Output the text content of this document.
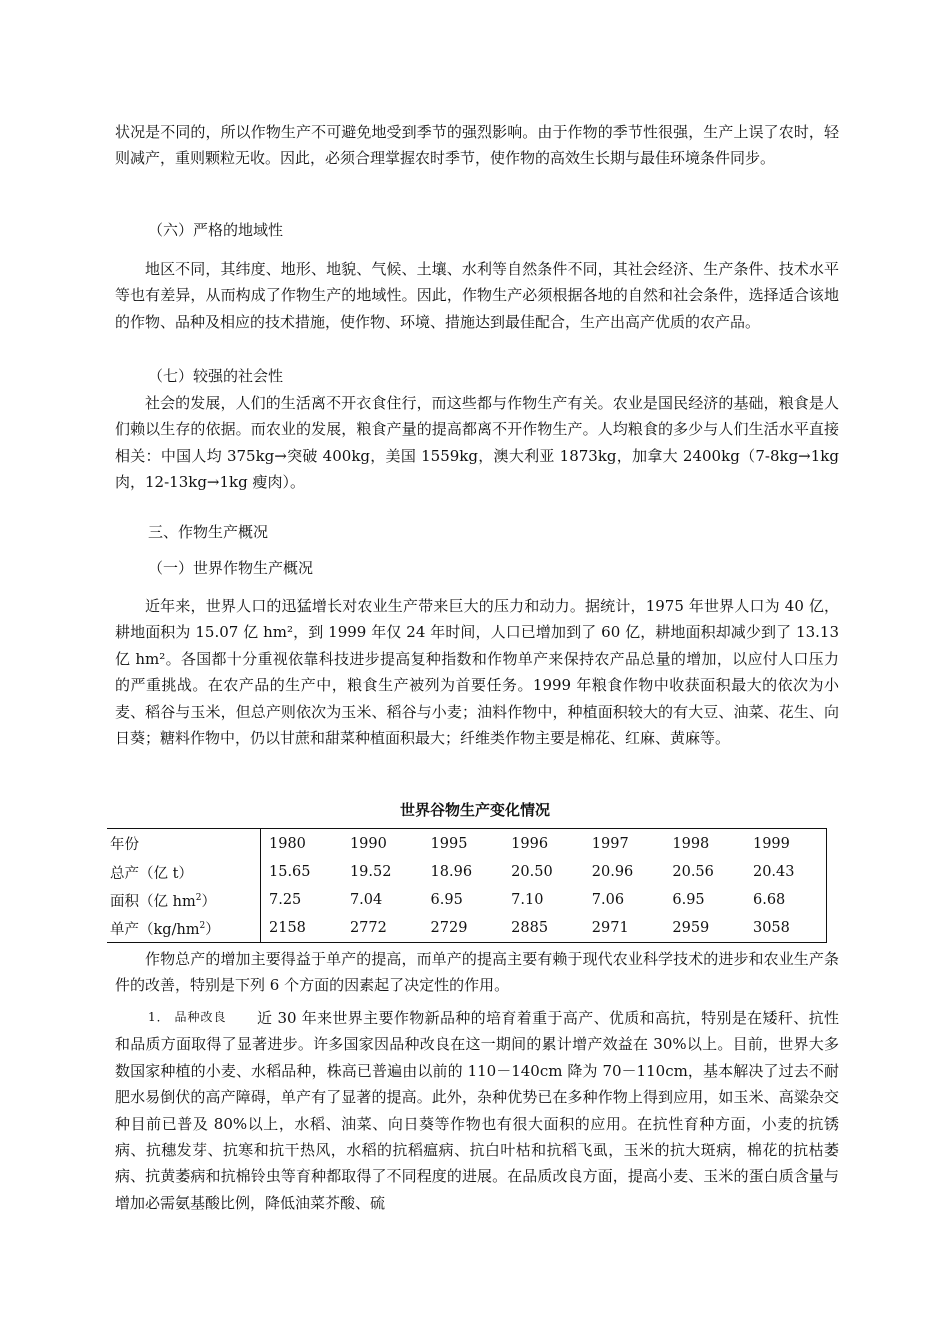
状况是不同的，所以作物生产不可避免地受到季节的强烈影响。由于作物的季节性很强，生产上误了农时，轻则减产，重则颗粒无收。因此，必须合理掌握农时季节，使作物的高效生长期与最佳环境条件同步。

（六）严格的地域性

地区不同，其纬度、地形、地貌、气候、土壤、水利等自然条件不同，其社会经济、生产条件、技术水平等也有差异，从而构成了作物生产的地域性。因此，作物生产必须根据各地的自然和社会条件，选择适合该地的作物、品种及相应的技术措施，使作物、环境、措施达到最佳配合，生产出高产优质的农产品。

（七）较强的社会性

社会的发展，人们的生活离不开衣食住行，而这些都与作物生产有关。农业是国民经济的基础，粮食是人们赖以生存的依据。而农业的发展，粮食产量的提高都离不开作物生产。人均粮食的多少与人们生活水平直接相关：中国人均 375kg→突破 400kg，美国 1559kg，澳大利亚 1873kg，加拿大 2400kg（7-8kg→1kg 肉，12-13kg→1kg 瘦肉）。

三、作物生产概况

（一）世界作物生产概况

近年来，世界人口的迅猛增长对农业生产带来巨大的压力和动力。据统计，1975 年世界人口为 40 亿，耕地面积为 15.07 亿 hm²，到 1999 年仅 24 年时间，人口已增加到了 60 亿，耕地面积却减少到了 13.13 亿 hm²。各国都十分重视依靠科技进步提高复种指数和作物单产来保持农产品总量的增加，以应付人口压力的严重挑战。在农产品的生产中，粮食生产被列为首要任务。1999 年粮食作物中收获面积最大的依次为小麦、稻谷与玉米，但总产则依次为玉米、稻谷与小麦；油料作物中，种植面积较大的有大豆、油菜、花生、向日葵；糖料作物中，仍以甘蔗和甜菜种植面积最大；纤维类作物主要是棉花、红麻、黄麻等。

世界谷物生产变化情况

年份	1980	1990	1995	1996	1997	1998	1999
总产（亿 t）	15.65	19.52	18.96	20.50	20.96	20.56	20.43
面积（亿 $hm^2$）	7.25	7.04	6.95	7.10	7.06	6.95	6.68
单产$(kg/hm^2)$	2158	2772	2729	2885	2971	2959	3058

作物总产的增加主要得益于单产的提高，而单产的提高主要有赖于现代农业科学技术的进步和农业生产条件的改善，特别是下列 6 个方面的因素起了决定性的作用。

1． 品种改良	近 30 年来世界主要作物新品种的培育着重于高产、优质和高抗，特别是在矮秆、抗性和品质方面取得了显著进步。许多国家因品种改良在这一期间的累计增产效益在 30%以上。目前，世界大多数国家种植的小麦、水稻品种，株高已普遍由以前的 110－140cm 降为 70－110cm，基本解决了过去不耐肥水易倒伏的高产障碍，单产有了显著的提高。此外，杂种优势已在多种作物上得到应用，如玉米、高粱杂交种目前已普及 80%以上，水稻、油菜、向日葵等作物也有很大面积的应用。在抗性育种方面，小麦的抗锈病、抗穗发芽、抗寒和抗干热风，水稻的抗稻瘟病、抗白叶枯和抗稻飞虱，玉米的抗大斑病，棉花的抗枯萎病、抗黄萎病和抗棉铃虫等育种都取得了不同程度的进展。在品质改良方面，提高小麦、玉米的蛋白质含量与增加必需氨基酸比例，降低油菜芥酸、硫
